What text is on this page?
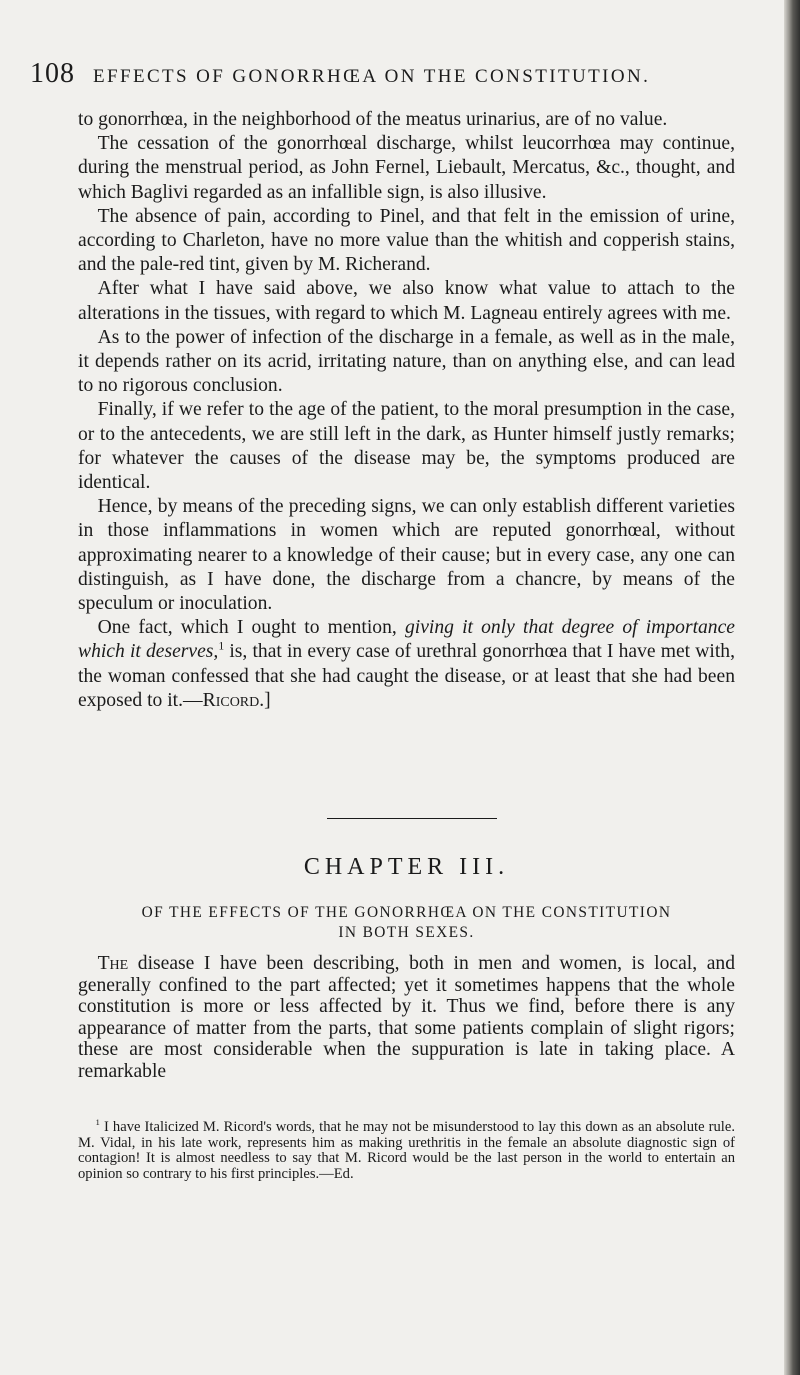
108 EFFECTS OF GONORRHŒA ON THE CONSTITUTION.

to gonorrhœa, in the neighborhood of the meatus urinarius, are of no value.

The cessation of the gonorrhœal discharge, whilst leucorrhœa may continue, during the menstrual period, as John Fernel, Liebault, Mercatus, &c., thought, and which Baglivi regarded as an infallible sign, is also illusive.

The absence of pain, according to Pinel, and that felt in the emission of urine, according to Charleton, have no more value than the whitish and copperish stains, and the pale-red tint, given by M. Richerand.

After what I have said above, we also know what value to attach to the alterations in the tissues, with regard to which M. Lagneau entirely agrees with me.

As to the power of infection of the discharge in a female, as well as in the male, it depends rather on its acrid, irritating nature, than on anything else, and can lead to no rigorous conclusion.

Finally, if we refer to the age of the patient, to the moral presumption in the case, or to the antecedents, we are still left in the dark, as Hunter himself justly remarks; for whatever the causes of the disease may be, the symptoms produced are identical.

Hence, by means of the preceding signs, we can only establish different varieties in those inflammations in women which are reputed gonorrhœal, without approximating nearer to a knowledge of their cause; but in every case, any one can distinguish, as I have done, the discharge from a chancre, by means of the speculum or inoculation.

One fact, which I ought to mention, giving it only that degree of importance which it deserves,$^1$ is, that in every case of urethral gonorrhœa that I have met with, the woman confessed that she had caught the disease, or at least that she had been exposed to it.—Ricord.]

CHAPTER III.
OF THE EFFECTS OF THE GONORRHŒA ON THE CONSTITUTION
IN BOTH SEXES.

The disease I have been describing, both in men and women, is local, and generally confined to the part affected; yet it sometimes happens that the whole constitution is more or less affected by it. Thus we find, before there is any appearance of matter from the parts, that some patients complain of slight rigors; these are most considerable when the suppuration is late in taking place. A remarkable

$^1$ I have Italicized M. Ricord's words, that he may not be misunderstood to lay this down as an absolute rule. M. Vidal, in his late work, represents him as making urethritis in the female an absolute diagnostic sign of contagion! It is almost needless to say that M. Ricord would be the last person in the world to entertain an opinion so contrary to his first principles.—Ed.
